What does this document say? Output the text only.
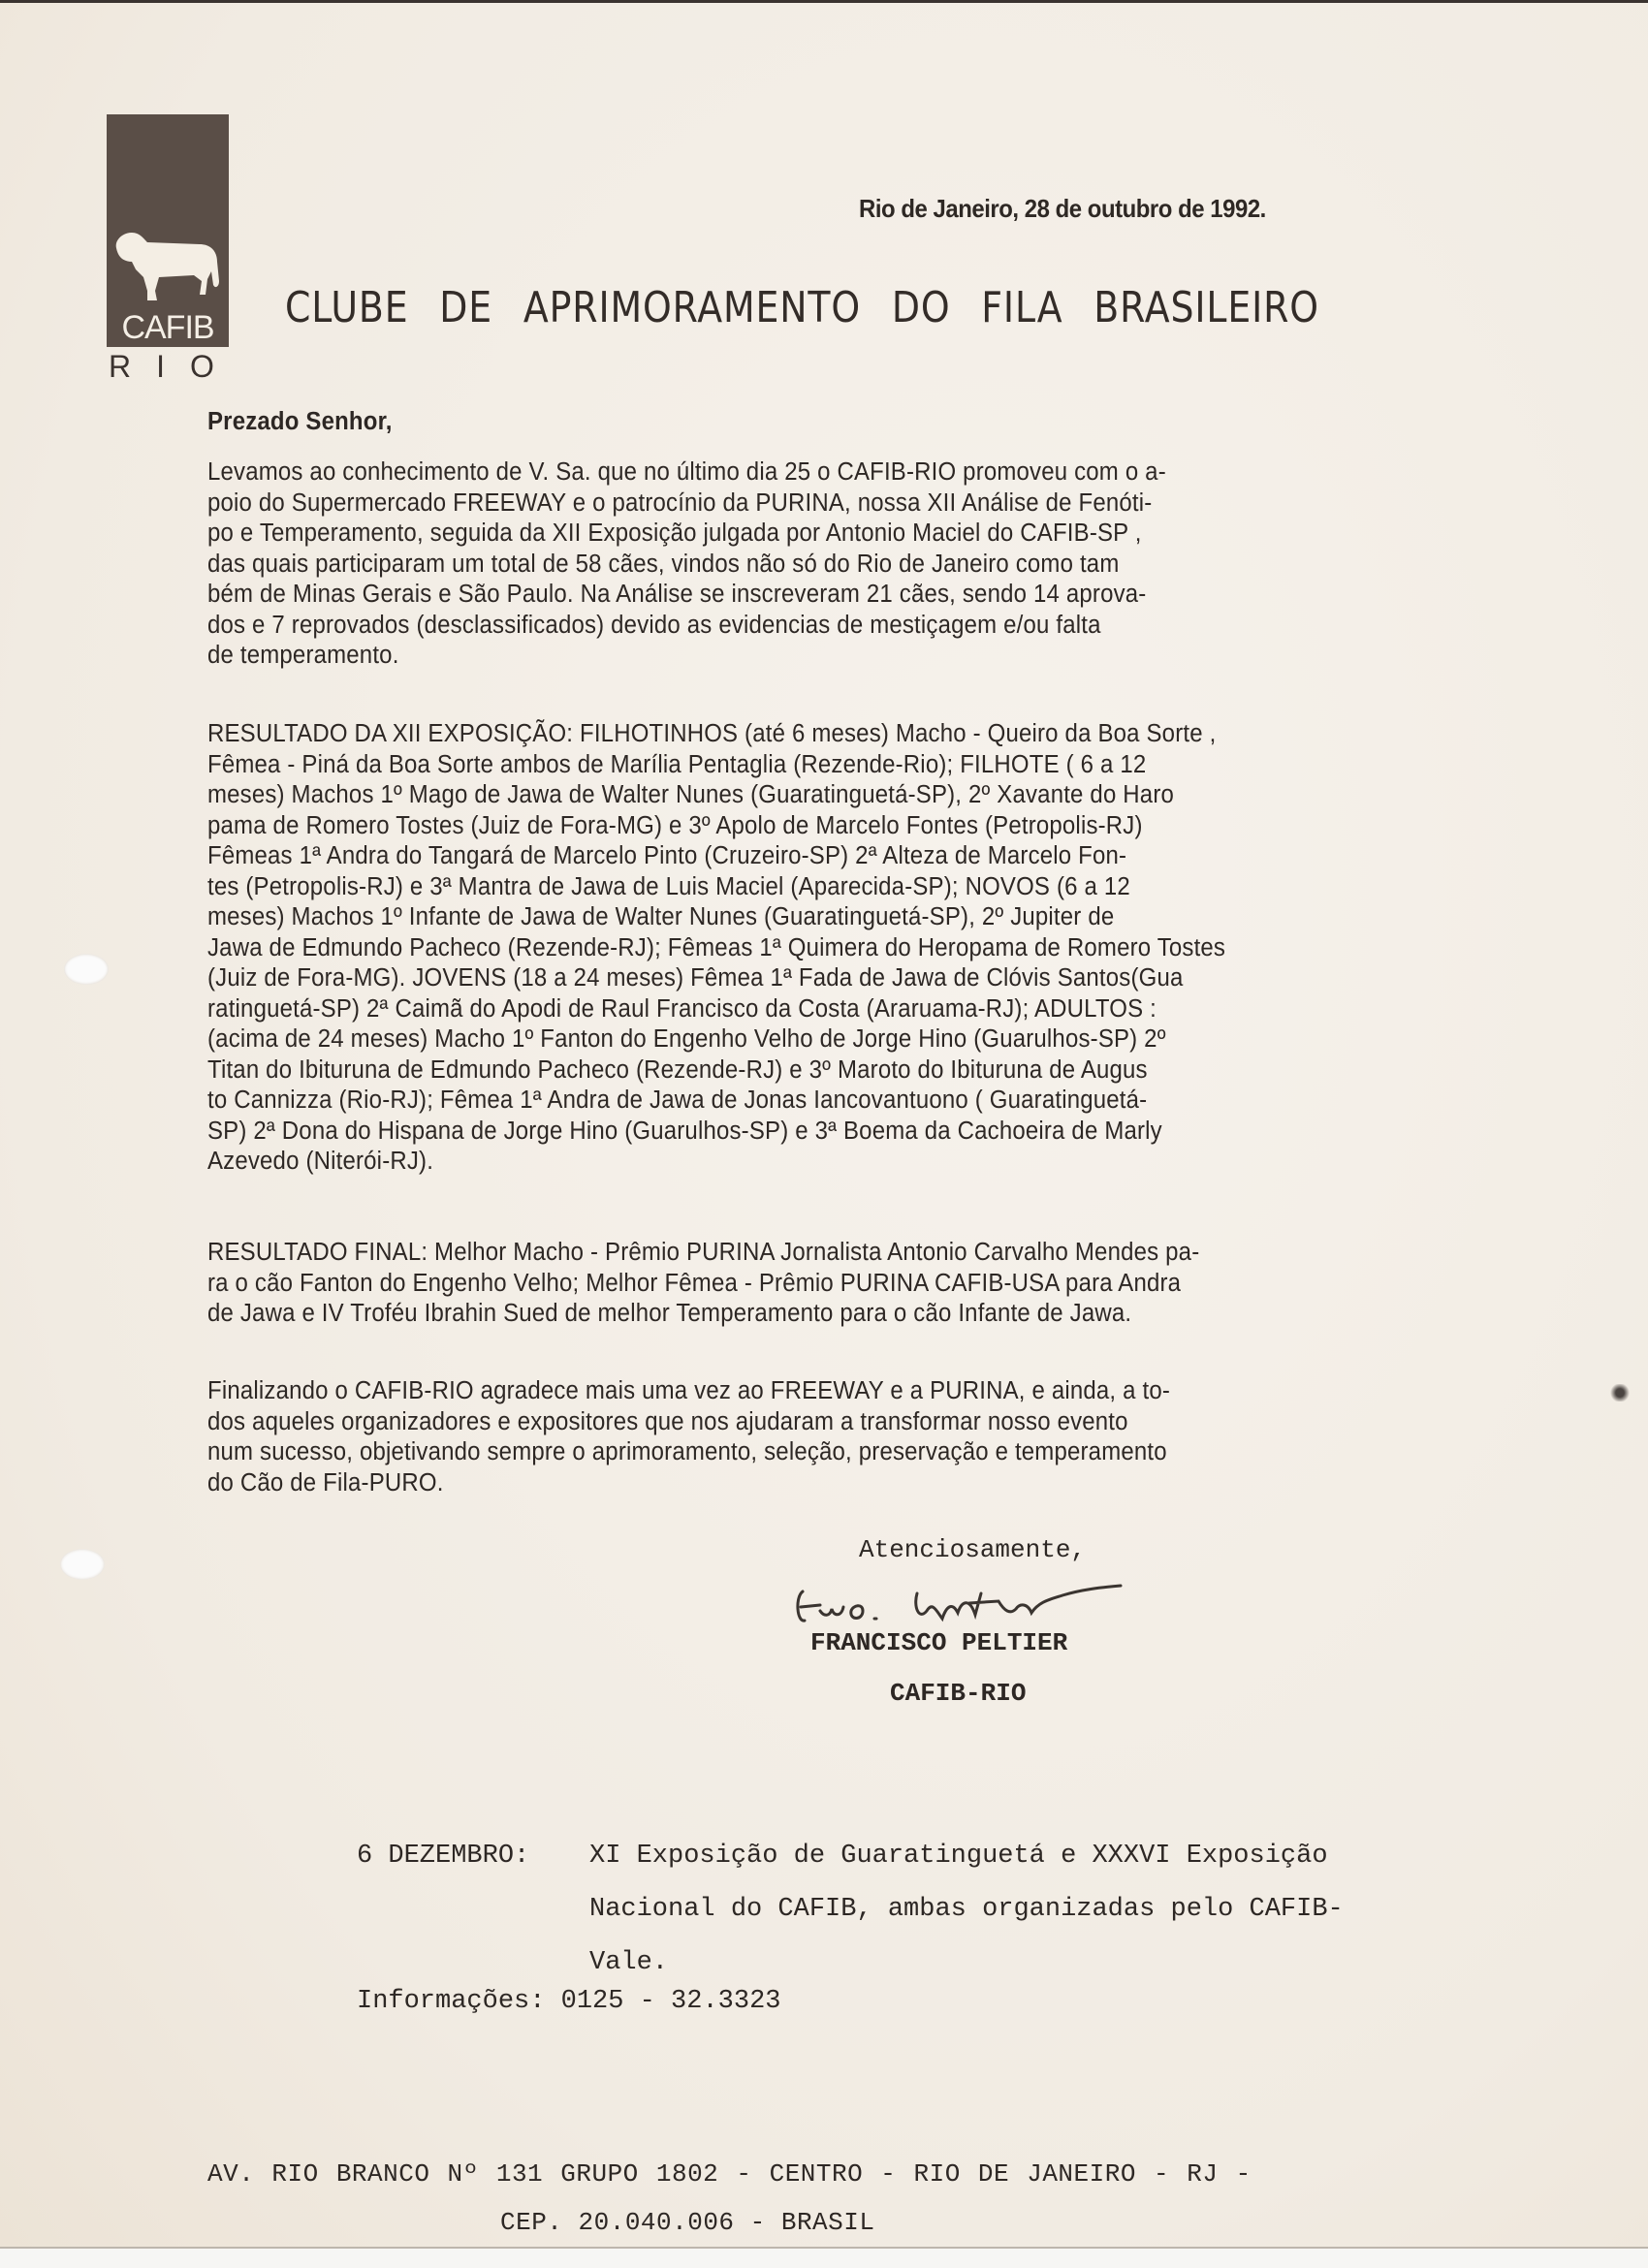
CAFIB
RIO
Rio de Janeiro, 28 de outubro de 1992.
CLUBE DE APRIMORAMENTO DO FILA BRASILEIRO
Prezado Senhor,
Levamos ao conhecimento de V. Sa. que no último dia 25 o CAFIB-RIO promoveu com o a-
poio do Supermercado FREEWAY e o patrocínio da PURINA, nossa XII Análise de Fenóti-
po e Temperamento, seguida da XII Exposição julgada por Antonio Maciel do CAFIB-SP ,
das quais participaram um total de 58 cães, vindos não só do Rio de Janeiro como tam
bém de Minas Gerais e São Paulo. Na Análise se inscreveram 21 cães, sendo 14 aprova-
dos e 7 reprovados (desclassificados) devido as evidencias de mestiçagem e/ou falta
de temperamento.
RESULTADO DA XII EXPOSIÇÃO: FILHOTINHOS (até 6 meses) Macho - Queiro da Boa Sorte ,
Fêmea - Piná da Boa Sorte ambos de Marília Pentaglia (Rezende-Rio); FILHOTE ( 6 a 12
meses) Machos 1º Mago de Jawa de Walter Nunes (Guaratinguetá-SP), 2º Xavante do Haro
pama de Romero Tostes (Juiz de Fora-MG) e 3º Apolo de Marcelo Fontes (Petropolis-RJ)
Fêmeas 1ª Andra do Tangará de Marcelo Pinto (Cruzeiro-SP) 2ª Alteza de Marcelo Fon-
tes (Petropolis-RJ) e 3ª Mantra de Jawa de Luis Maciel (Aparecida-SP); NOVOS (6 a 12
meses) Machos 1º Infante de Jawa de Walter Nunes (Guaratinguetá-SP), 2º Jupiter de
Jawa de Edmundo Pacheco (Rezende-RJ); Fêmeas 1ª Quimera do Heropama de Romero Tostes
(Juiz de Fora-MG). JOVENS (18 a 24 meses) Fêmea 1ª Fada de Jawa de Clóvis Santos(Gua
ratinguetá-SP) 2ª Caimã do Apodi de Raul Francisco da Costa (Araruama-RJ); ADULTOS :
(acima de 24 meses) Macho 1º Fanton do Engenho Velho de Jorge Hino (Guarulhos-SP) 2º
Titan do Ibituruna de Edmundo Pacheco (Rezende-RJ) e 3º Maroto do Ibituruna de Augus
to Cannizza (Rio-RJ); Fêmea 1ª Andra de Jawa de Jonas Iancovantuono ( Guaratinguetá-
SP) 2ª Dona do Hispana de Jorge Hino (Guarulhos-SP) e 3ª Boema da Cachoeira de Marly
Azevedo (Niterói-RJ).
RESULTADO FINAL: Melhor Macho - Prêmio PURINA Jornalista Antonio Carvalho Mendes pa-
ra o cão Fanton do Engenho Velho; Melhor Fêmea - Prêmio PURINA CAFIB-USA para Andra
de Jawa e IV Troféu Ibrahin Sued de melhor Temperamento para o cão Infante de Jawa.
Finalizando o CAFIB-RIO agradece mais uma vez ao FREEWAY e a PURINA, e ainda, a to-
dos aqueles organizadores e expositores que nos ajudaram a transformar nosso evento
num sucesso, objetivando sempre o aprimoramento, seleção, preservação e temperamento
do Cão de Fila-PURO.
Atenciosamente,
FRANCISCO PELTIER
CAFIB-RIO
6 DEZEMBRO: XI Exposição de Guaratinguetá e XXXVI Exposição
Nacional do CAFIB, ambas organizadas pelo CAFIB-
Vale.
Informações: 0125 - 32.3323
AV. RIO BRANCO Nº 131 GRUPO 1802 - CENTRO - RIO DE JANEIRO - RJ -
CEP. 20.040.006 - BRASIL
